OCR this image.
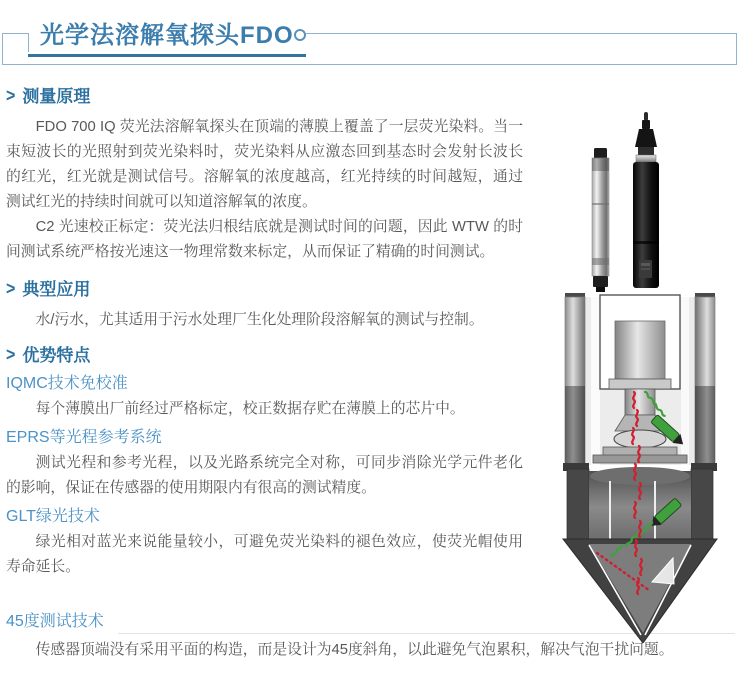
光学法溶解氧探头FDO
> 测量原理

FDO 700 IQ 荧光法溶解氧探头在顶端的薄膜上覆盖了一层荧光染料。当一束短波长的光照射到荧光染料时，荧光染料从应激态回到基态时会发射长波长的红光，红光就是测试信号。溶解氧的浓度越高，红光持续的时间越短，通过测试红光的持续时间就可以知道溶解氧的浓度。

C2 光速校正标定：荧光法归根结底就是测试时间的问题，因此 WTW 的时间测试系统严格按光速这一物理常数来标定，从而保证了精确的时间测试。

> 典型应用

水/污水，尤其适用于污水处理厂生化处理阶段溶解氧的测试与控制。

> 优势特点
IQMC技术免校准

每个薄膜出厂前经过严格标定，校正数据存贮在薄膜上的芯片中。

EPRS等光程参考系统

测试光程和参考光程，以及光路系统完全对称，可同步消除光学元件老化的影响，保证在传感器的使用期限内有很高的测试精度。

GLT绿光技术

绿光相对蓝光来说能量较小，可避免荧光染料的褪色效应，使荧光帽使用寿命延长。

45度测试技术

传感器顶端没有采用平面的构造，而是设计为45度斜角，以此避免气泡累积，解决气泡干扰问题。
